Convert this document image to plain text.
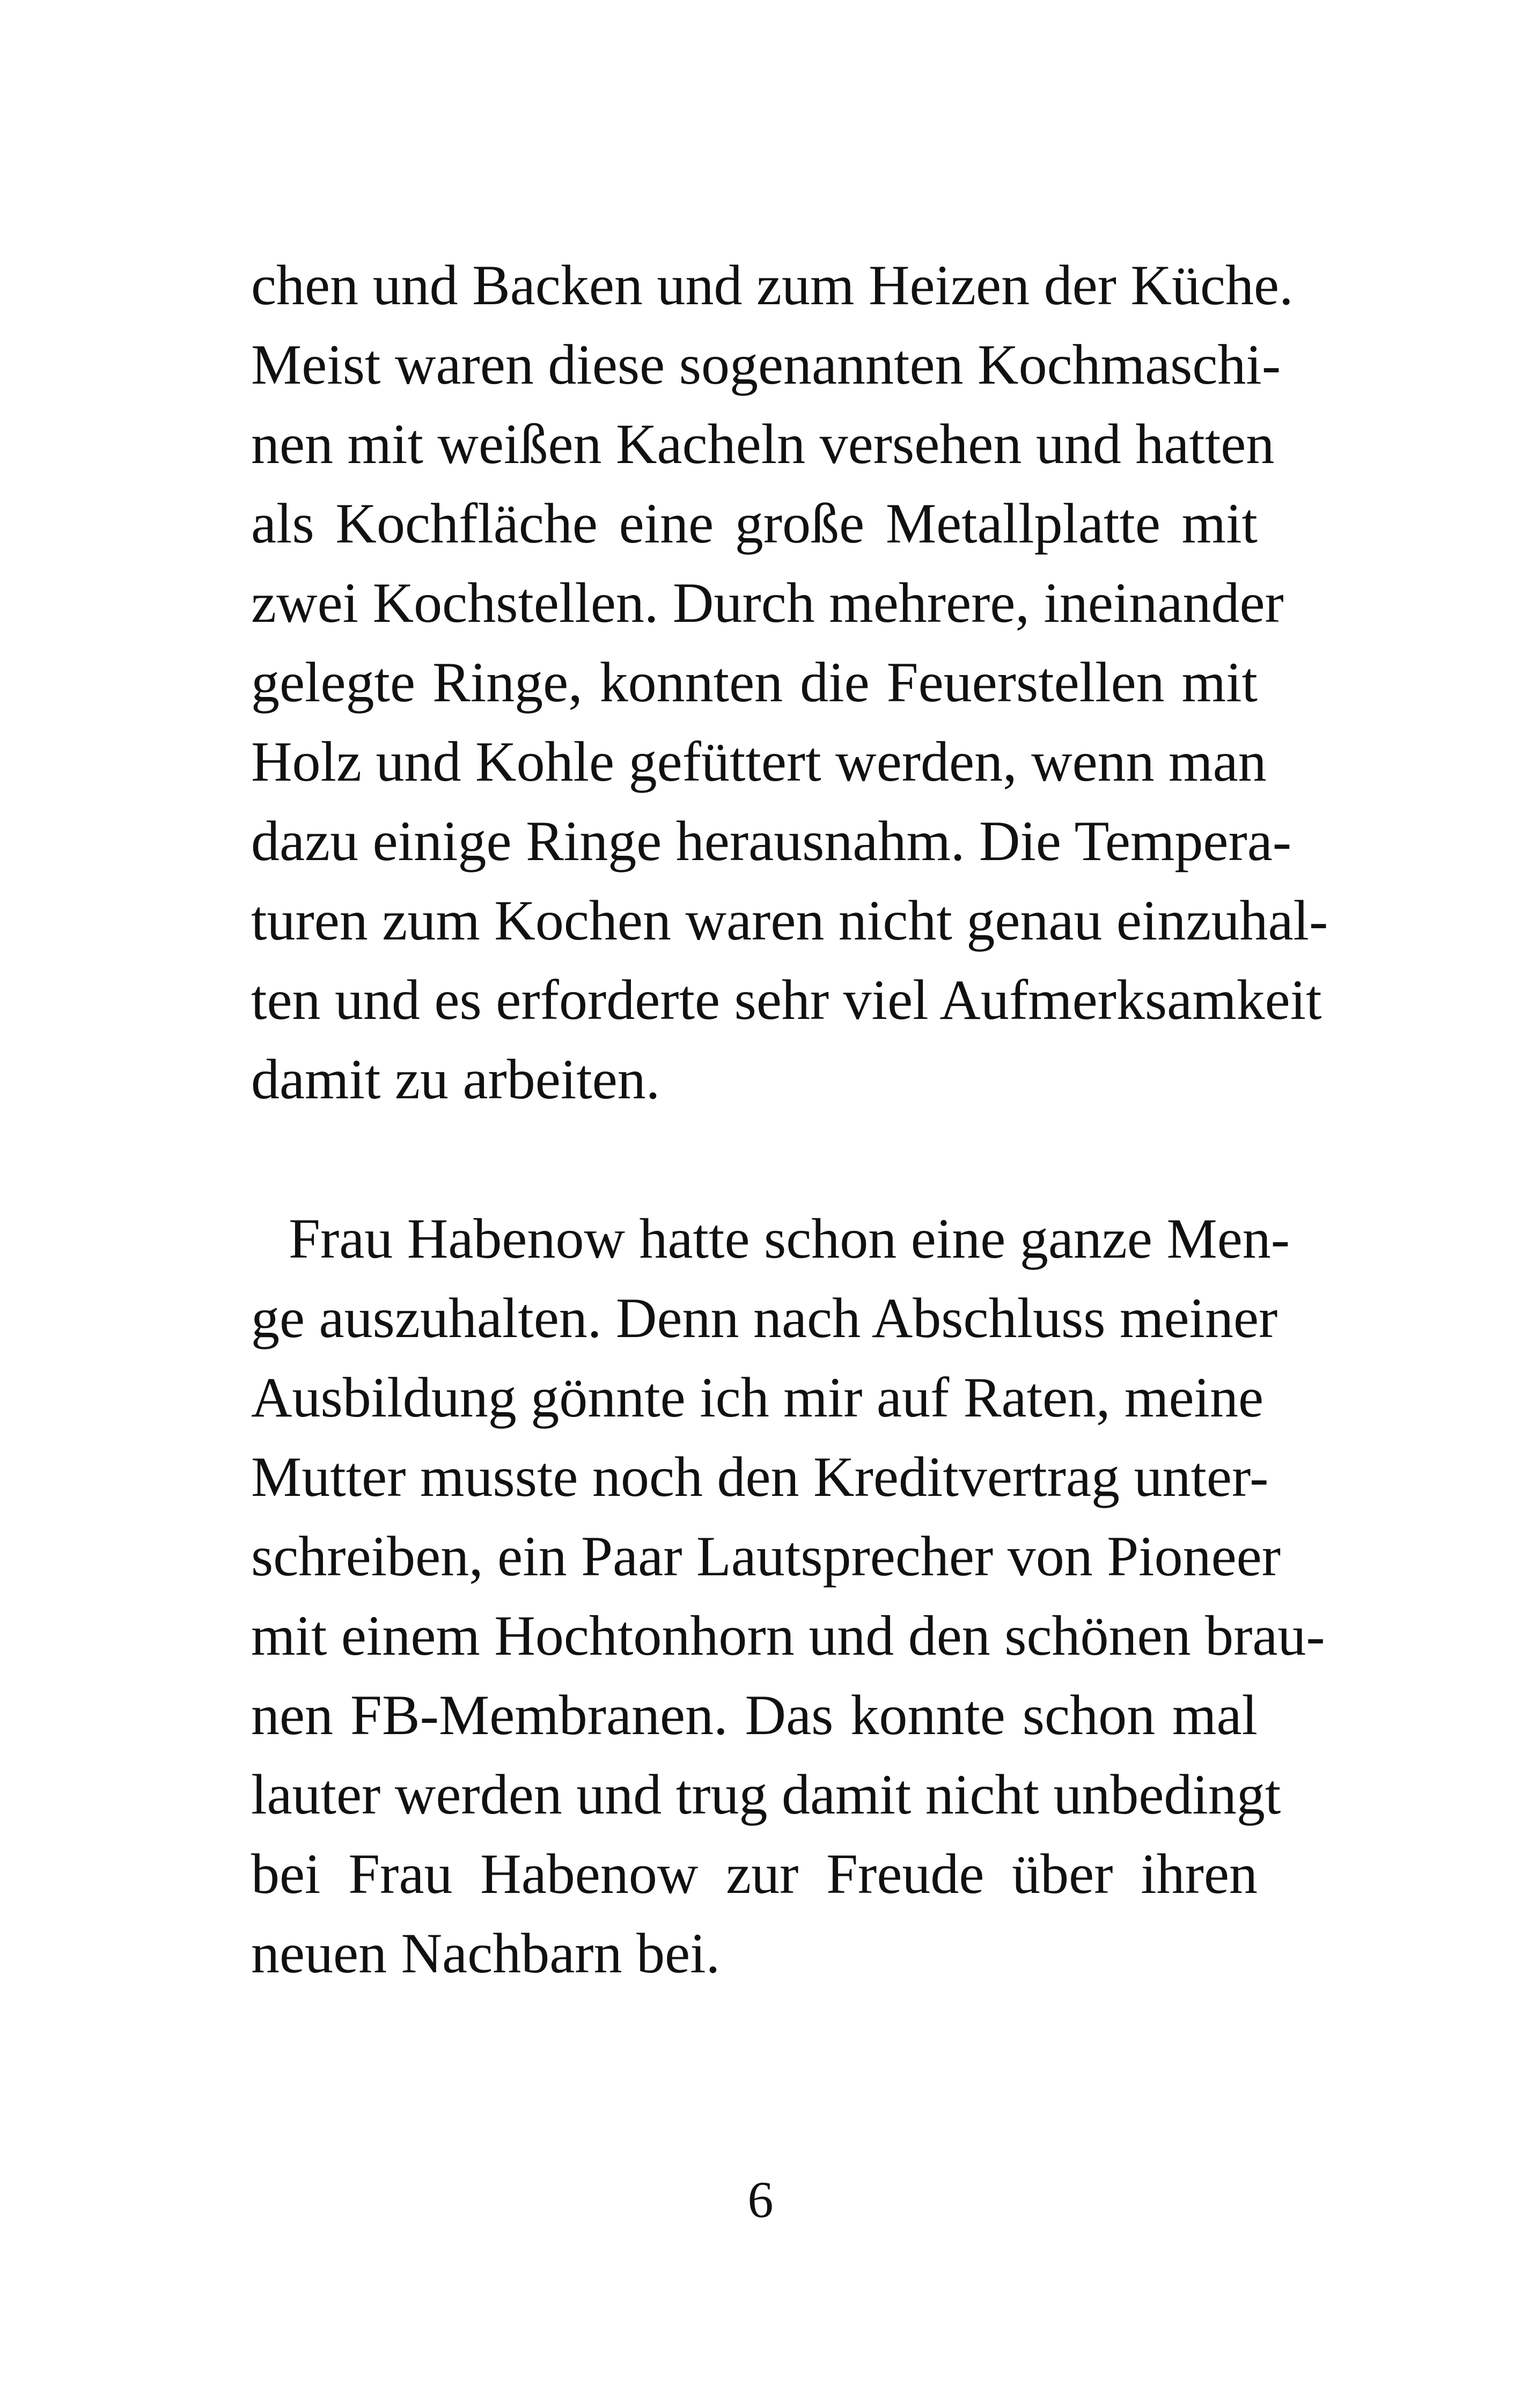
chen und Backen und zum Heizen der Küche.
Meist waren diese sogenannten Kochmaschi-
nen mit weißen Kacheln versehen und hatten
als Kochfläche eine große Metallplatte mit
zwei Kochstellen. Durch mehrere, ineinander
gelegte Ringe, konnten die Feuerstellen mit
Holz und Kohle gefüttert werden, wenn man
dazu einige Ringe herausnahm. Die Tempera-
turen zum Kochen waren nicht genau einzuhal-
ten und es erforderte sehr viel Aufmerksamkeit
damit zu arbeiten.
Frau Habenow hatte schon eine ganze Men-
ge auszuhalten. Denn nach Abschluss meiner
Ausbildung gönnte ich mir auf Raten, meine
Mutter musste noch den Kreditvertrag unter-
schreiben, ein Paar Lautsprecher von Pioneer
mit einem Hochtonhorn und den schönen brau-
nen FB-Membranen. Das konnte schon mal
lauter werden und trug damit nicht unbedingt
bei Frau Habenow zur Freude über ihren
neuen Nachbarn bei.
6
